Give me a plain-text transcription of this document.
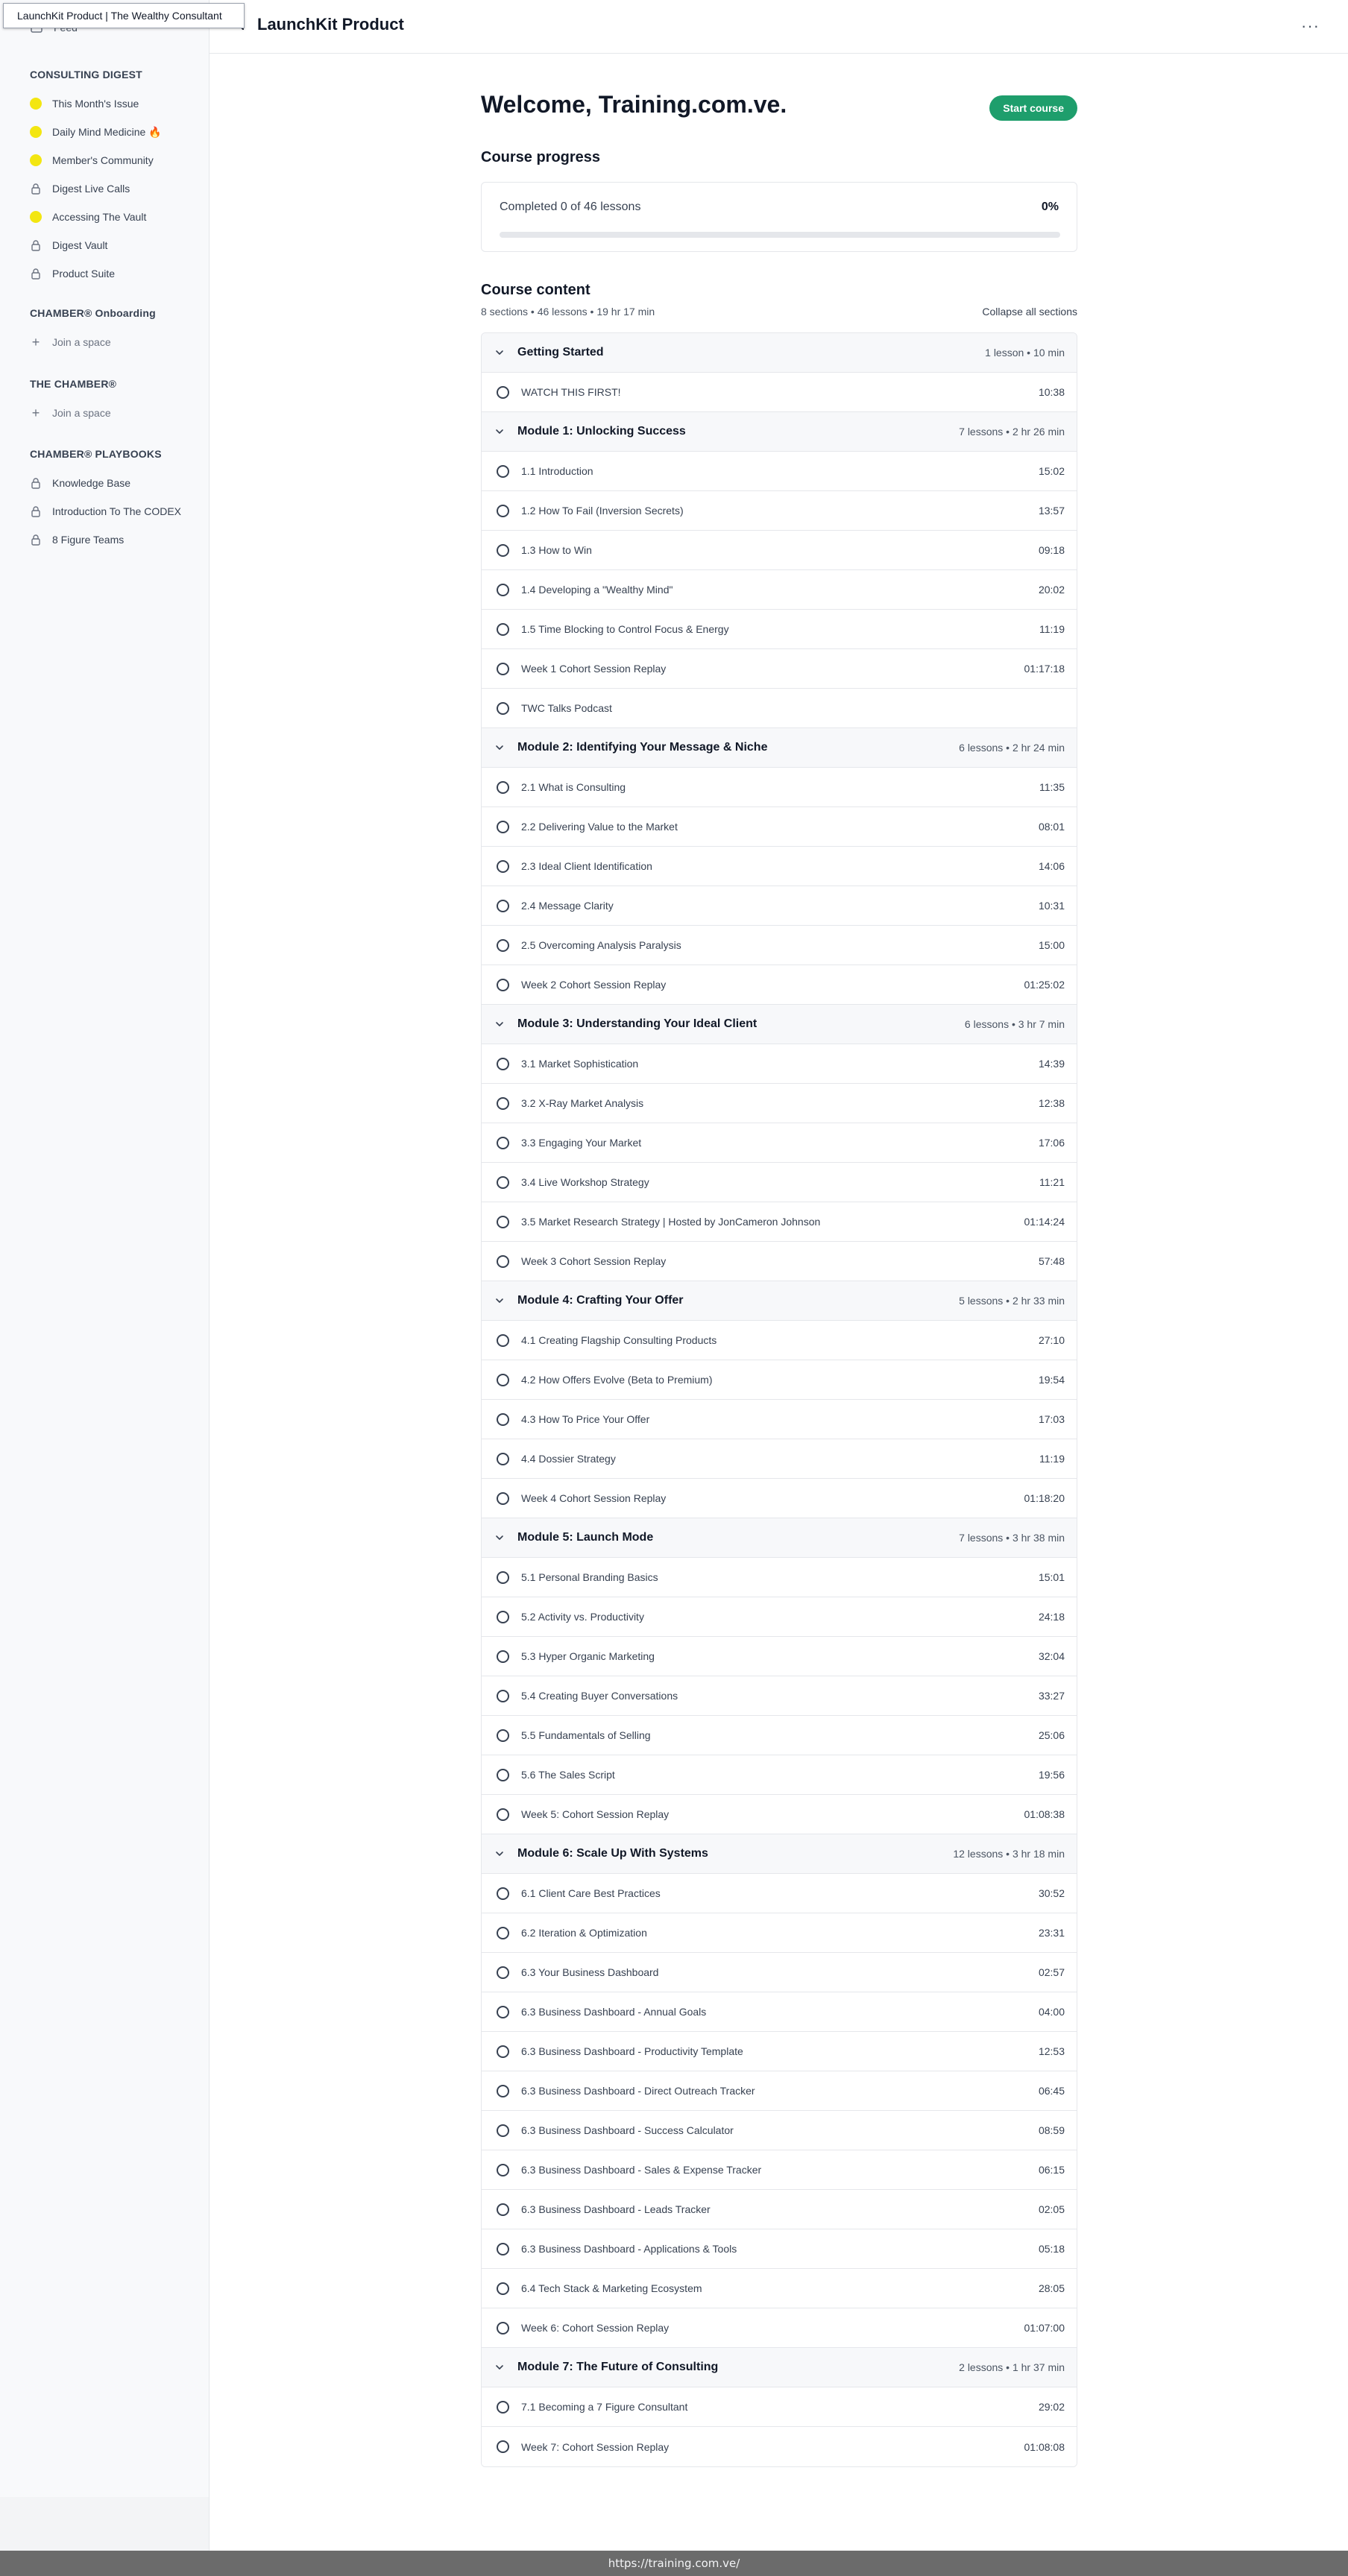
CONSULTING DIGEST
This Month's Issue
Daily Mind Medicine 🔥
Member's Community
Digest Live Calls
Accessing The Vault
Digest Vault
Product Suite
CHAMBER® Onboarding
+ Join a space
THE CHAMBER®
+ Join a space
CHAMBER® PLAYBOOKS
Knowledge Base
Introduction To The CODEX
8 Figure Teams
LaunchKit Product	···
LaunchKit Product | The Wealthy Consultant
Welcome, Training.com.ve.	Start course
Course progress
Completed 0 of 46 lessons	0%
Course content
8 sections • 46 lessons • 19 hr 17 min	Collapse all sections
Getting Started	1 lesson • 10 min
WATCH THIS FIRST!	10:38
Module 1: Unlocking Success	7 lessons • 2 hr 26 min
1.1 Introduction	15:02
1.2 How To Fail (Inversion Secrets)	13:57
1.3 How to Win	09:18
1.4 Developing a "Wealthy Mind"	20:02
1.5 Time Blocking to Control Focus & Energy	11:19
Week 1 Cohort Session Replay	01:17:18
TWC Talks Podcast
Module 2: Identifying Your Message & Niche	6 lessons • 2 hr 24 min
2.1 What is Consulting	11:35
2.2 Delivering Value to the Market	08:01
2.3 Ideal Client Identification	14:06
2.4 Message Clarity	10:31
2.5 Overcoming Analysis Paralysis	15:00
Week 2 Cohort Session Replay	01:25:02
Module 3: Understanding Your Ideal Client	6 lessons • 3 hr 7 min
3.1 Market Sophistication	14:39
3.2 X-Ray Market Analysis	12:38
3.3 Engaging Your Market	17:06
3.4 Live Workshop Strategy	11:21
3.5 Market Research Strategy | Hosted by JonCameron Johnson	01:14:24
Week 3 Cohort Session Replay	57:48
Module 4: Crafting Your Offer	5 lessons • 2 hr 33 min
4.1 Creating Flagship Consulting Products	27:10
4.2 How Offers Evolve (Beta to Premium)	19:54
4.3 How To Price Your Offer	17:03
4.4 Dossier Strategy	11:19
Week 4 Cohort Session Replay	01:18:20
Module 5: Launch Mode	7 lessons • 3 hr 38 min
5.1 Personal Branding Basics	15:01
5.2 Activity vs. Productivity	24:18
5.3 Hyper Organic Marketing	32:04
5.4 Creating Buyer Conversations	33:27
5.5 Fundamentals of Selling	25:06
5.6 The Sales Script	19:56
Week 5: Cohort Session Replay	01:08:38
Module 6: Scale Up With Systems	12 lessons • 3 hr 18 min
6.1 Client Care Best Practices	30:52
6.2 Iteration & Optimization	23:31
6.3 Your Business Dashboard	02:57
6.3 Business Dashboard - Annual Goals	04:00
6.3 Business Dashboard - Productivity Template	12:53
6.3 Business Dashboard - Direct Outreach Tracker	06:45
6.3 Business Dashboard - Success Calculator	08:59
6.3 Business Dashboard - Sales & Expense Tracker	06:15
6.3 Business Dashboard - Leads Tracker	02:05
6.3 Business Dashboard - Applications & Tools	05:18
6.4 Tech Stack & Marketing Ecosystem	28:05
Week 6: Cohort Session Replay	01:07:00
Module 7: The Future of Consulting	2 lessons • 1 hr 37 min
7.1 Becoming a 7 Figure Consultant	29:02
Week 7: Cohort Session Replay	01:08:08
https://training.com.ve/
